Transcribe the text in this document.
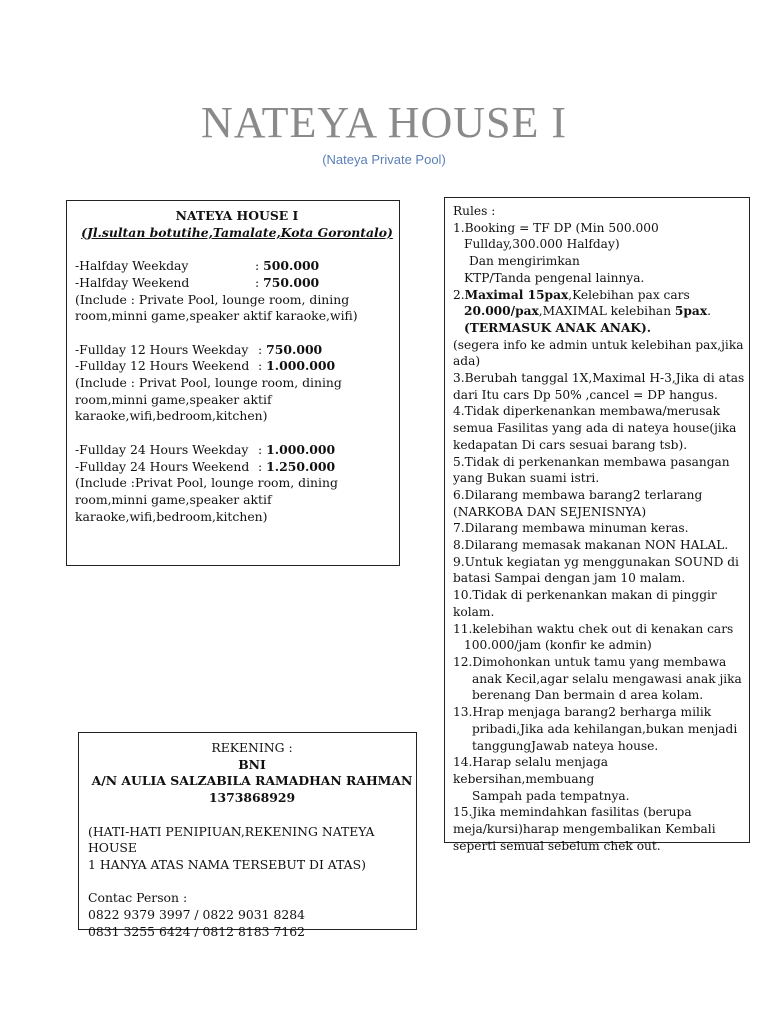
NATEYA HOUSE I
(Nateya Private Pool)
NATEYA HOUSE I
(Jl.sultan botutihe,Tamalate,Kota Gorontalo)
-Halfday Weekday	:
500.000
-Halfday Weekend	:
750.000
(Include : Private Pool, lounge room, dining
room,minni game,speaker aktif karaoke,wifi)
-Fullday 12 Hours Weekday :
750.000
-Fullday 12 Hours Weekend :
1.000.000
(Include : Privat Pool, lounge room, dining
room,minni game,speaker aktif
karaoke,wifi,bedroom,kitchen)
-Fullday 24 Hours Weekday :
1.000.000
-Fullday 24 Hours Weekend :
1.250.000
(Include :Privat Pool, lounge room, dining
room,minni game,speaker aktif
karaoke,wifi,bedroom,kitchen)
Rules :
1.Booking = TF DP (Min 500.000
Fullday,300.000 Halfday)
Dan mengirimkan
KTP/Tanda pengenal lainnya.
2.Maximal 15pax,Kelebihan pax cars
20.000/pax,MAXIMAL kelebihan 5pax.
(TERMASUK ANAK ANAK).
(segera info ke admin untuk kelebihan pax,jika
ada)
3.Berubah tanggal 1X,Maximal H-3,Jika di atas
dari Itu cars Dp 50% ,cancel = DP hangus.
4.Tidak diperkenankan membawa/merusak
semua Fasilitas yang ada di nateya house(jika
kedapatan Di cars sesuai barang tsb).
5.Tidak di perkenankan membawa pasangan
yang Bukan suami istri.
6.Dilarang membawa barang2 terlarang
(NARKOBA DAN SEJENISNYA)
7.Dilarang membawa minuman keras.
8.Dilarang memasak makanan NON HALAL.
9.Untuk kegiatan yg menggunakan SOUND di
batasi Sampai dengan jam 10 malam.
10.Tidak di perkenankan makan di pinggir
kolam.
11.kelebihan waktu chek out di kenakan cars
100.000/jam (konfir ke admin)
12.Dimohonkan untuk tamu yang membawa
anak Kecil,agar selalu mengawasi anak jika
berenang Dan bermain d area kolam.
13.Hrap menjaga barang2 berharga milik
pribadi,Jika ada kehilangan,bukan menjadi
tanggungJawab nateya house.
14.Harap selalu menjaga kebersihan,membuang
Sampah pada tempatnya.
15.Jika memindahkan fasilitas (berupa
meja/kursi)harap mengembalikan Kembali
seperti semual sebelum chek out.
REKENING :
BNI
A/N AULIA SALZABILA RAMADHAN RAHMAN
1373868929
(HATI-HATI PENIPIUAN,REKENING NATEYA HOUSE
1 HANYA ATAS NAMA TERSEBUT DI ATAS)
Contac Person :
0822 9379 3997 / 0822 9031 8284
0831 3255 6424 / 0812 8183 7162
